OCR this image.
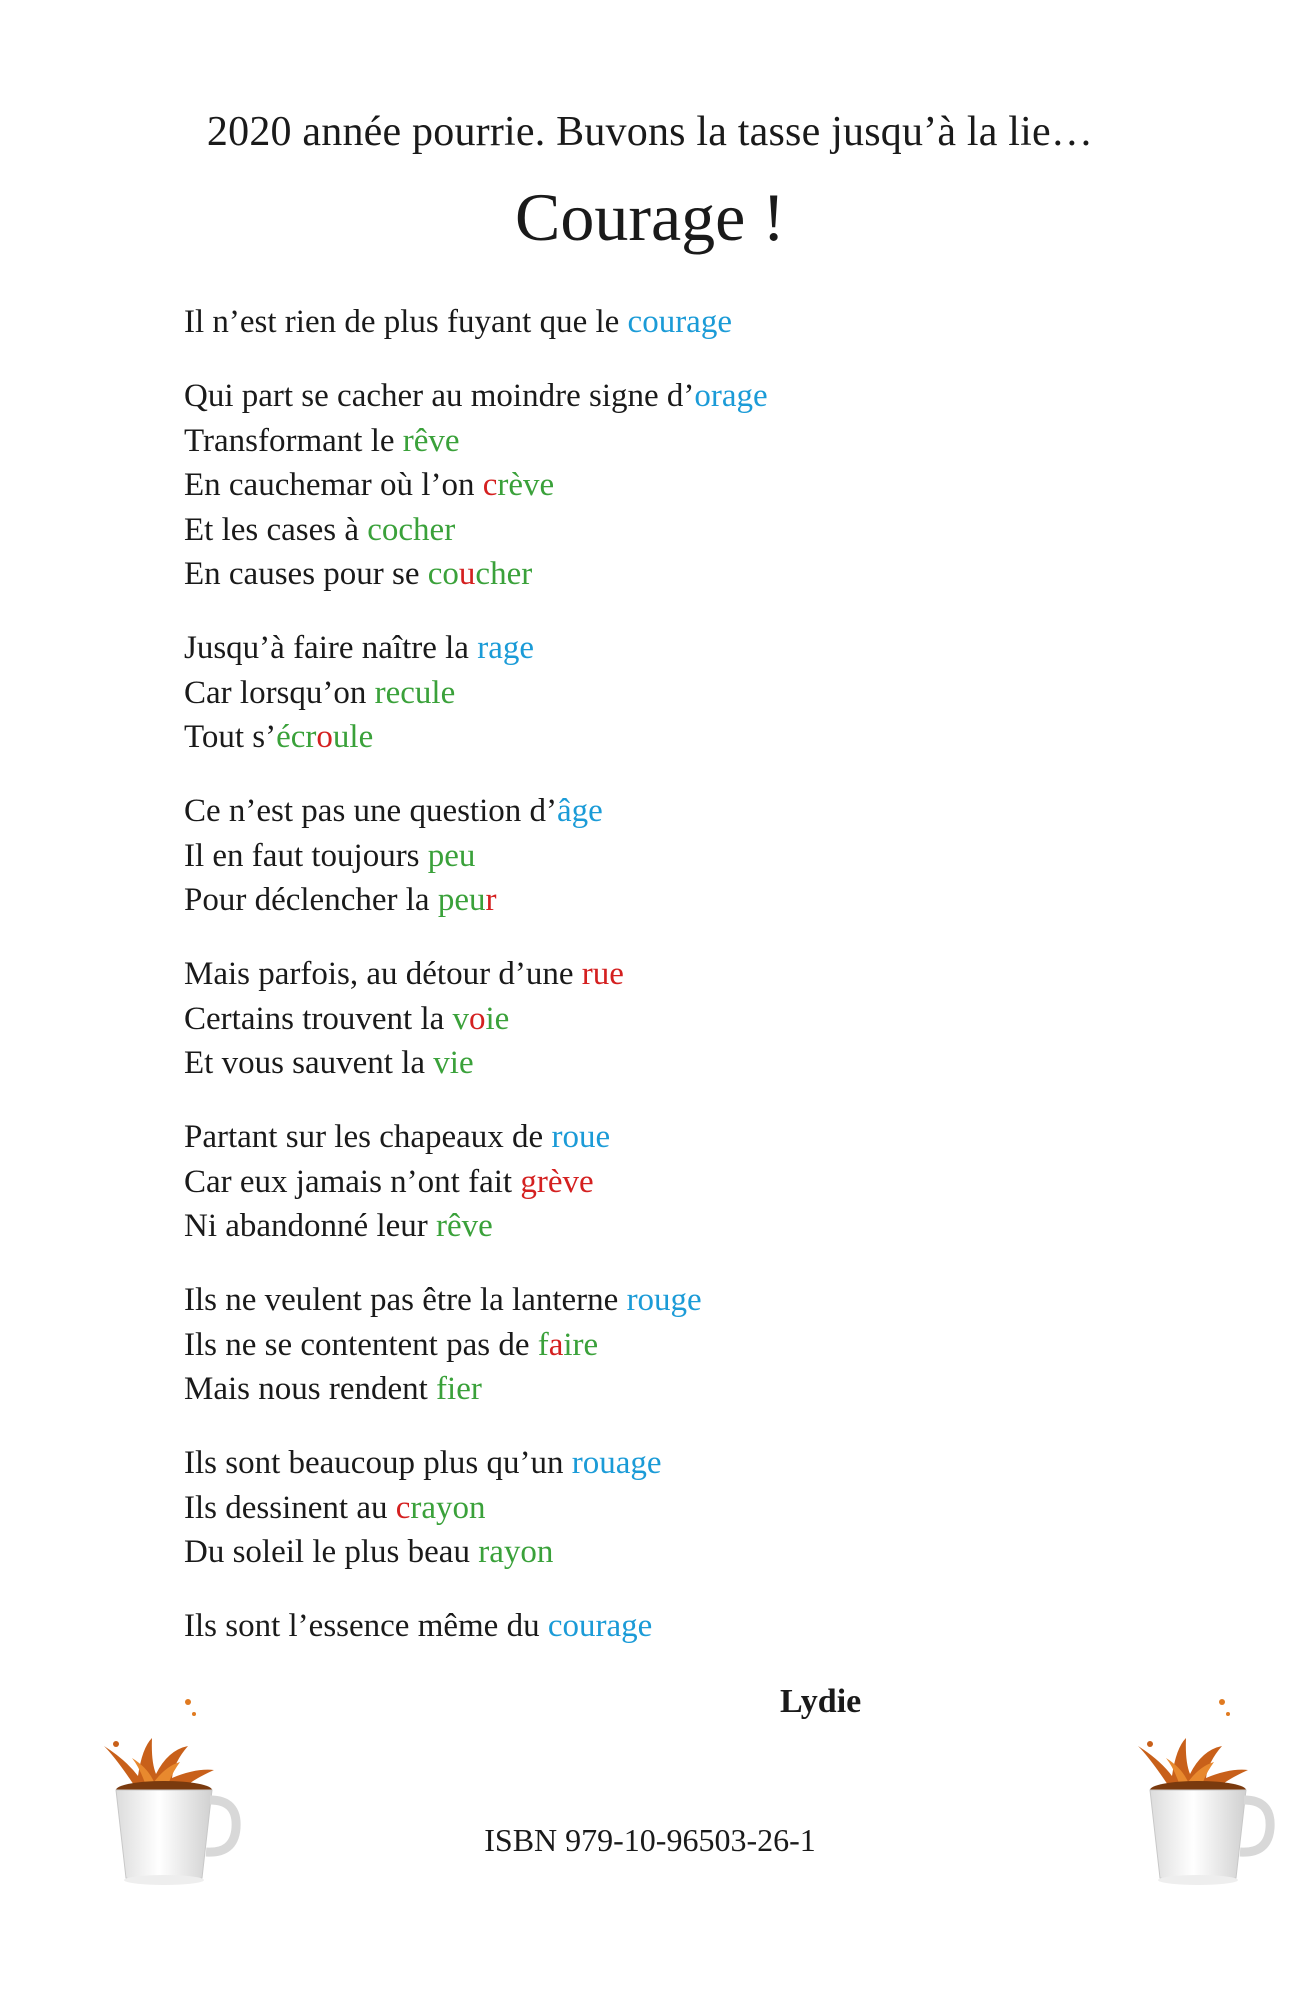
2020 année pourrie. Buvons la tasse jusqu’à la lie…
Courage !
Il n’est rien de plus fuyant que le courage
Qui part se cacher au moindre signe d’orage
Transformant le rêve
En cauchemar où l’on crève
Et les cases à cocher
En causes pour se coucher
Jusqu’à faire naître la rage
Car lorsqu’on recule
Tout s’écroule
Ce n’est pas une question d’âge
Il en faut toujours peu
Pour déclencher la peur
Mais parfois, au détour d’une rue
Certains trouvent la voie
Et vous sauvent la vie
Partant sur les chapeaux de roue
Car eux jamais n’ont fait grève
Ni abandonné leur rêve
Ils ne veulent pas être la lanterne rouge
Ils ne se contentent pas de faire
Mais nous rendent fier
Ils sont beaucoup plus qu’un rouage
Ils dessinent au crayon
Du soleil le plus beau rayon
Ils sont l’essence même du courage
Lydie
ISBN 979-10-96503-26-1
